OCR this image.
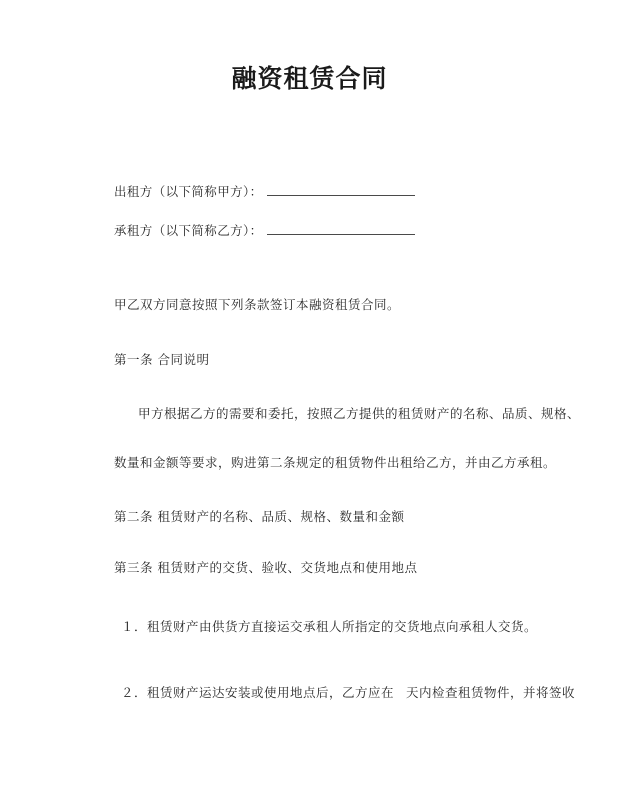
融资租赁合同
出租方（以下简称甲方）：
承租方（以下简称乙方）：
甲乙双方同意按照下列条款签订本融资租赁合同。
第一条 合同说明
甲方根据乙方的需要和委托，按照乙方提供的租赁财产的名称、品质、规格、
数量和金额等要求，购进第二条规定的租赁物件出租给乙方，并由乙方承租。
第二条 租赁财产的名称、品质、规格、数量和金额
第三条 租赁财产的交货、验收、交货地点和使用地点
１．租赁财产由供货方直接运交承租人所指定的交货地点向承租人交货。
２．租赁财产运达安装或使用地点后，乙方应在 天内检查租赁物件，并将签收
